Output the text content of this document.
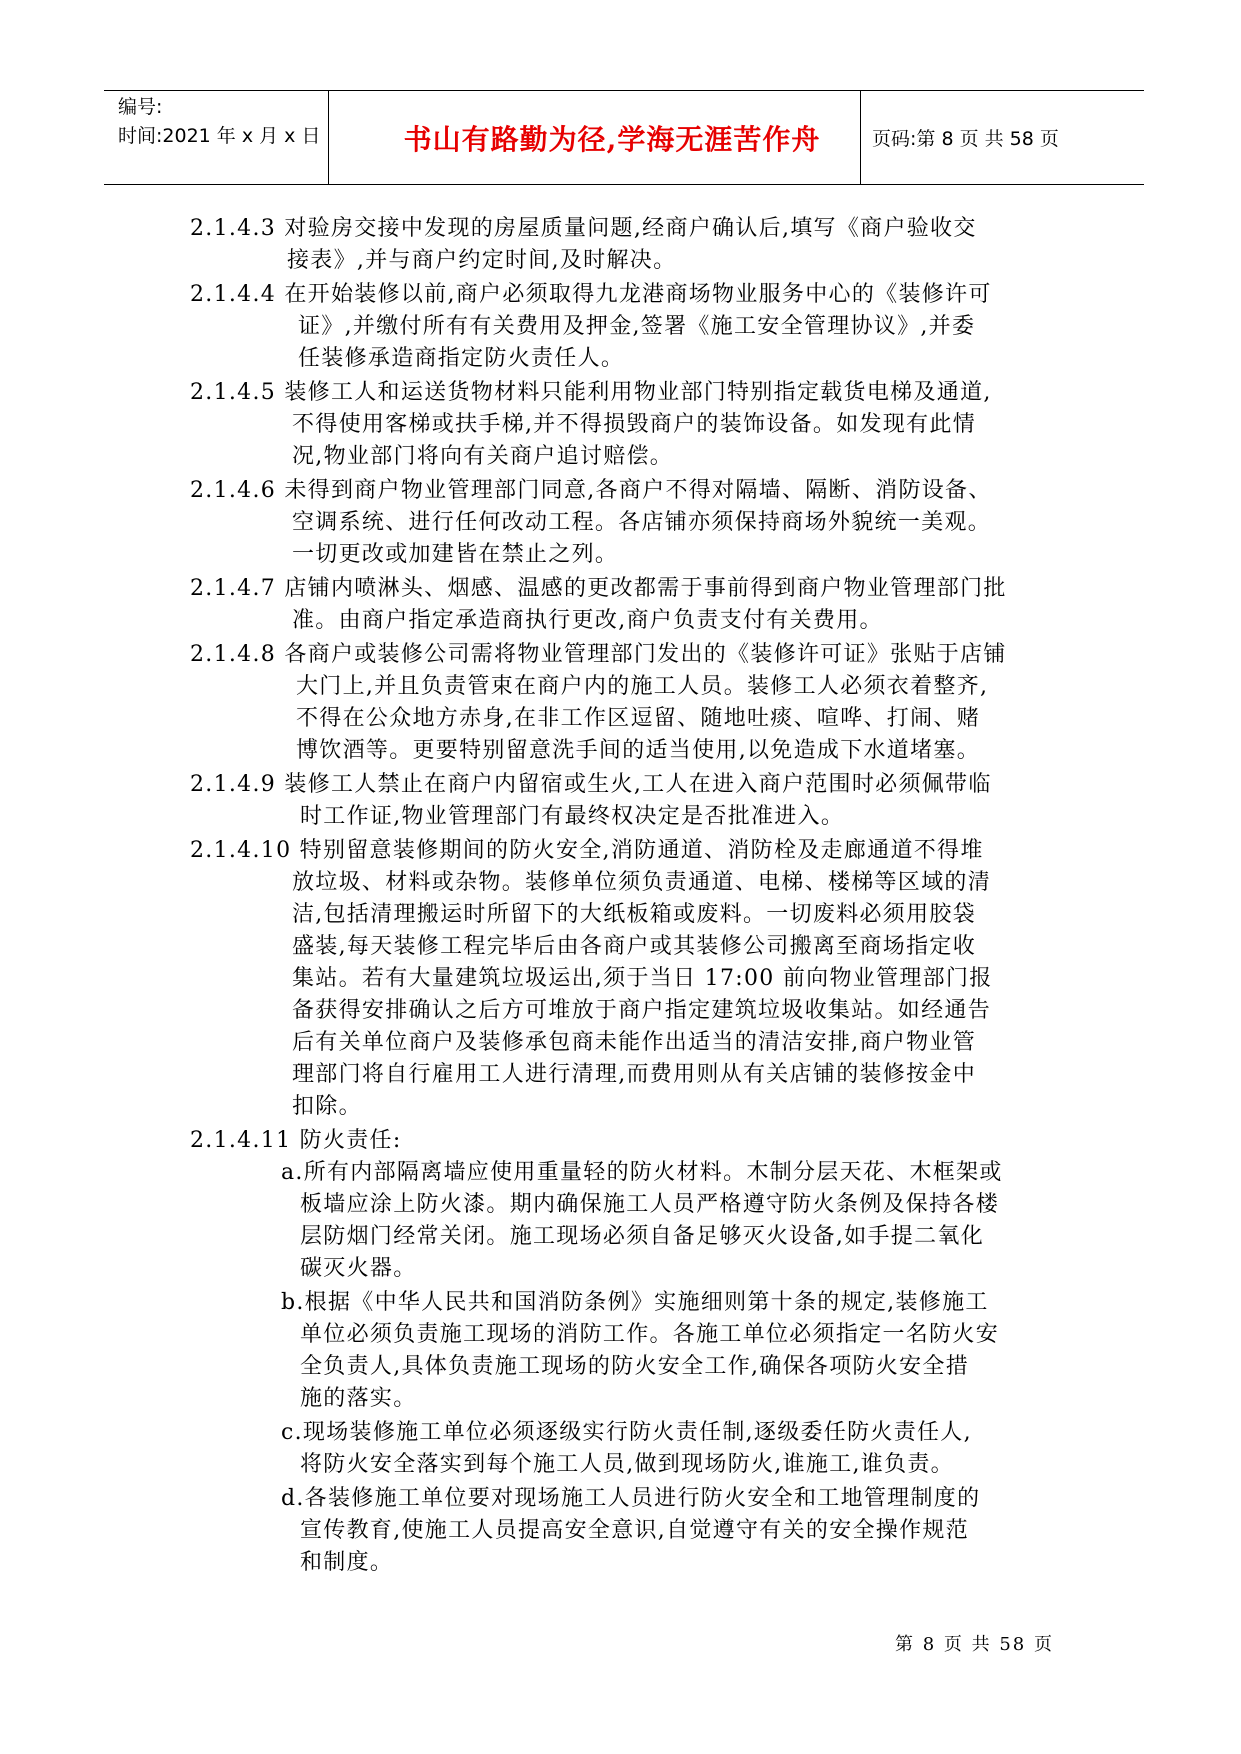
编号:
时间:2021 年 x 月 x 日	书山有路勤为径,学海无涯苦作舟	页码:第 8 页 共 58 页
2.1.4.3 对验房交接中发现的房屋质量问题,经商户确认后,填写《商户验收交
接表》,并与商户约定时间,及时解决。
2.1.4.4 在开始装修以前,商户必须取得九龙港商场物业服务中心的《装修许可
证》,并缴付所有有关费用及押金,签署《施工安全管理协议》,并委
任装修承造商指定防火责任人。
2.1.4.5 装修工人和运送货物材料只能利用物业部门特别指定载货电梯及通道,
不得使用客梯或扶手梯,并不得损毁商户的装饰设备。如发现有此情
况,物业部门将向有关商户追讨赔偿。
2.1.4.6 未得到商户物业管理部门同意,各商户不得对隔墙、隔断、消防设备、
空调系统、进行任何改动工程。各店铺亦须保持商场外貌统一美观。
一切更改或加建皆在禁止之列。
2.1.4.7 店铺内喷淋头、烟感、温感的更改都需于事前得到商户物业管理部门批
准。由商户指定承造商执行更改,商户负责支付有关费用。
2.1.4.8 各商户或装修公司需将物业管理部门发出的《装修许可证》张贴于店铺
大门上,并且负责管束在商户内的施工人员。装修工人必须衣着整齐,
不得在公众地方赤身,在非工作区逗留、随地吐痰、喧哗、打闹、赌
博饮酒等。更要特别留意洗手间的适当使用,以免造成下水道堵塞。
2.1.4.9 装修工人禁止在商户内留宿或生火,工人在进入商户范围时必须佩带临
时工作证,物业管理部门有最终权决定是否批准进入。
2.1.4.10 特别留意装修期间的防火安全,消防通道、消防栓及走廊通道不得堆
放垃圾、材料或杂物。装修单位须负责通道、电梯、楼梯等区域的清
洁,包括清理搬运时所留下的大纸板箱或废料。一切废料必须用胶袋
盛装,每天装修工程完毕后由各商户或其装修公司搬离至商场指定收
集站。若有大量建筑垃圾运出,须于当日 17:00 前向物业管理部门报
备获得安排确认之后方可堆放于商户指定建筑垃圾收集站。如经通告
后有关单位商户及装修承包商未能作出适当的清洁安排,商户物业管
理部门将自行雇用工人进行清理,而费用则从有关店铺的装修按金中
扣除。
2.1.4.11 防火责任:
a.所有内部隔离墙应使用重量轻的防火材料。木制分层天花、木框架或
板墙应涂上防火漆。期内确保施工人员严格遵守防火条例及保持各楼
层防烟门经常关闭。施工现场必须自备足够灭火设备,如手提二氧化
碳灭火器。
b.根据《中华人民共和国消防条例》实施细则第十条的规定,装修施工
单位必须负责施工现场的消防工作。各施工单位必须指定一名防火安
全负责人,具体负责施工现场的防火安全工作,确保各项防火安全措
施的落实。
c.现场装修施工单位必须逐级实行防火责任制,逐级委任防火责任人,
将防火安全落实到每个施工人员,做到现场防火,谁施工,谁负责。
d.各装修施工单位要对现场施工人员进行防火安全和工地管理制度的
宣传教育,使施工人员提高安全意识,自觉遵守有关的安全操作规范
和制度。
第 8 页 共 58 页
